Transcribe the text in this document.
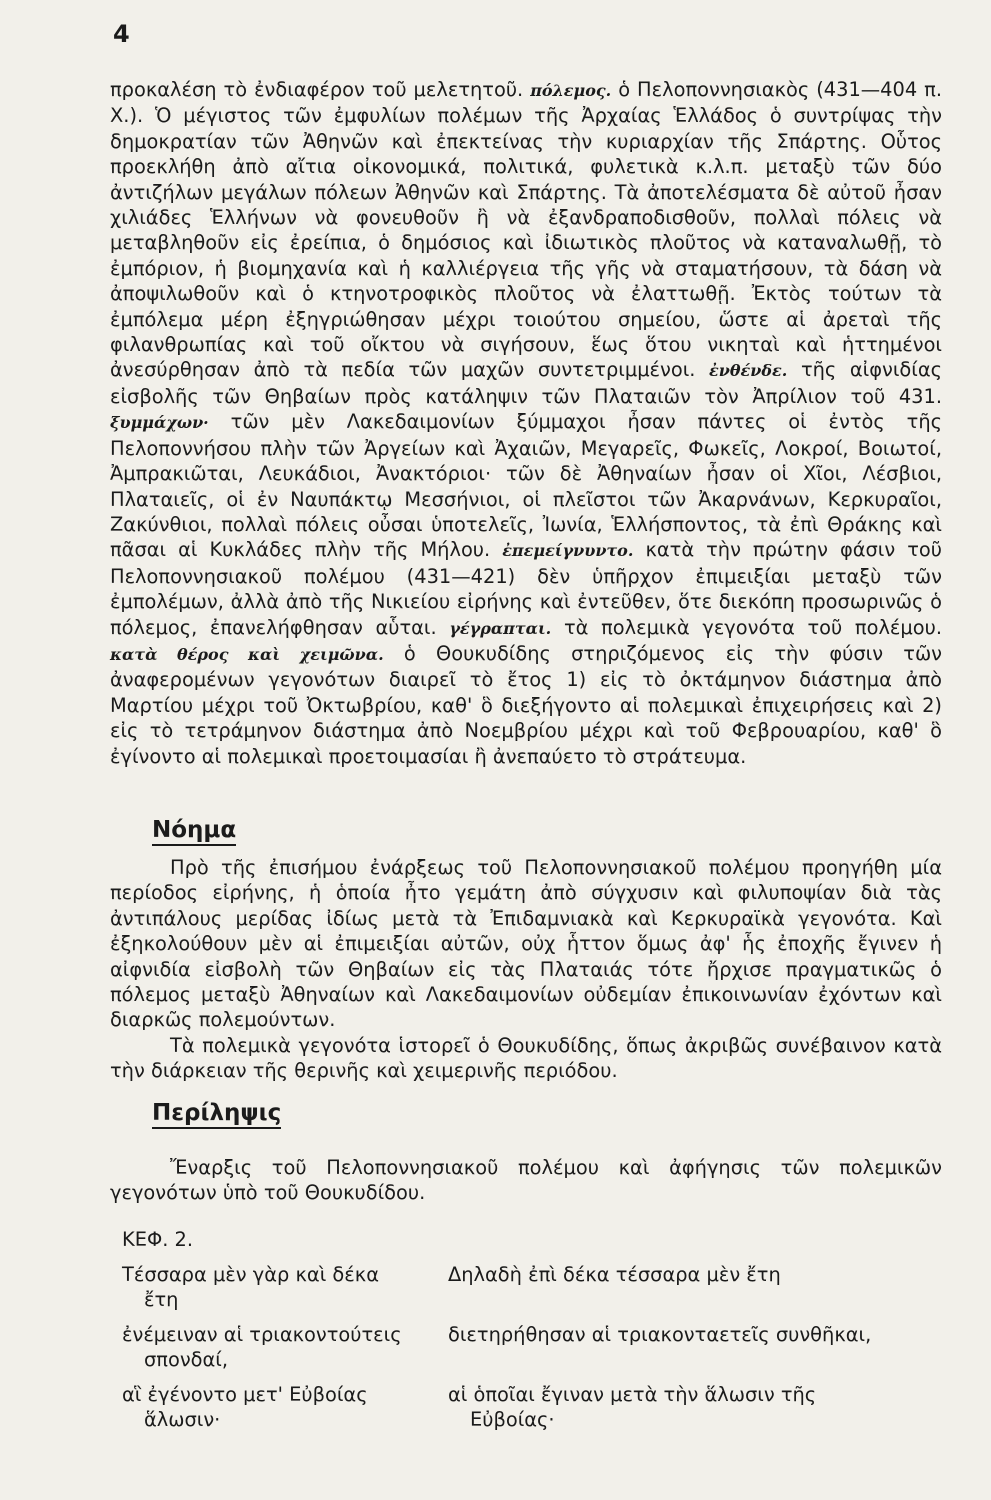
4

προκαλέση τὸ ἐνδιαφέρον τοῦ μελετητοῦ. πόλεμος. ὁ Πελοποννησιακὸς (431—404 π. Χ.). Ὁ μέγιστος τῶν ἐμφυλίων πολέμων τῆς Ἀρχαίας Ἑλλάδος ὁ συντρίψας τὴν δημοκρατίαν τῶν Ἀθηνῶν καὶ ἐπεκτείνας τὴν κυριαρχίαν τῆς Σπάρτης. Οὗτος προεκλήθη ἀπὸ αἴτια οἰκονομικά, πολιτικά, φυλετικὰ κ.λ.π. μεταξὺ τῶν δύο ἀντιζήλων μεγάλων πόλεων Ἀθηνῶν καὶ Σπάρτης. Τὰ ἀποτελέσματα δὲ αὐτοῦ ἦσαν χιλιάδες Ἑλλήνων νὰ φονευθοῦν ἢ νὰ ἐξανδραποδισθοῦν, πολλαὶ πόλεις νὰ μεταβληθοῦν εἰς ἐρείπια, ὁ δημόσιος καὶ ἰδιωτικὸς πλοῦτος νὰ καταναλωθῇ, τὸ ἐμπόριον, ἡ βιομηχανία καὶ ἡ καλλιέργεια τῆς γῆς νὰ σταματήσουν, τὰ δάση νὰ ἀποψιλωθοῦν καὶ ὁ κτηνοτροφικὸς πλοῦτος νὰ ἐλαττωθῇ. Ἐκτὸς τούτων τὰ ἐμπόλεμα μέρη ἐξηγριώθησαν μέχρι τοιούτου σημείου, ὥστε αἱ ἀρεταὶ τῆς φιλανθρωπίας καὶ τοῦ οἴκτου νὰ σιγήσουν, ἕως ὅτου νικηταὶ καὶ ἡττημένοι ἀνεσύρθησαν ἀπὸ τὰ πεδία τῶν μαχῶν συντετριμμένοι. ἐνθένδε. τῆς αἰφνιδίας εἰσβολῆς τῶν Θηβαίων πρὸς κατάληψιν τῶν Πλαταιῶν τὸν Ἀπρίλιον τοῦ 431. ξυμμάχων· τῶν μὲν Λακεδαιμονίων ξύμμαχοι ἦσαν πάντες οἱ ἐντὸς τῆς Πελοποννήσου πλὴν τῶν Ἀργείων καὶ Ἀχαιῶν, Μεγαρεῖς, Φωκεῖς, Λοκροί, Βοιωτοί, Ἀμπρακιῶται, Λευκάδιοι, Ἀνακτόριοι· τῶν δὲ Ἀθηναίων ἦσαν οἱ Χῖοι, Λέσβιοι, Πλαταιεῖς, οἱ ἐν Ναυπάκτῳ Μεσσήνιοι, οἱ πλεῖστοι τῶν Ἀκαρνάνων, Κερκυραῖοι, Ζακύνθιοι, πολλαὶ πόλεις οὖσαι ὑποτελεῖς, Ἰωνία, Ἑλλήσποντος, τὰ ἐπὶ Θράκης καὶ πᾶσαι αἱ Κυκλάδες πλὴν τῆς Μήλου. ἐπεμείγνυντο. κατὰ τὴν πρώτην φάσιν τοῦ Πελοποννησιακοῦ πολέμου (431—421) δὲν ὑπῆρχον ἐπιμειξίαι μεταξὺ τῶν ἐμπολέμων, ἀλλὰ ἀπὸ τῆς Νικιείου εἰρήνης καὶ ἐντεῦθεν, ὅτε διεκόπη προσωρινῶς ὁ πόλεμος, ἐπανελήφθησαν αὗται. γέγραπται. τὰ πολεμικὰ γεγονότα τοῦ πολέμου. κατὰ θέρος καὶ χειμῶνα. ὁ Θουκυδίδης στηριζόμενος εἰς τὴν φύσιν τῶν ἀναφερομένων γεγονότων διαιρεῖ τὸ ἔτος 1) εἰς τὸ ὀκτάμηνον διάστημα ἀπὸ Μαρτίου μέχρι τοῦ Ὀκτωβρίου, καθ' ὃ διεξήγοντο αἱ πολεμικαὶ ἐπιχειρήσεις καὶ 2) εἰς τὸ τετράμηνον διάστημα ἀπὸ Νοεμβρίου μέχρι καὶ τοῦ Φεβρουαρίου, καθ' ὃ ἐγίνοντο αἱ πολεμικαὶ προετοιμασίαι ἢ ἀνεπαύετο τὸ στράτευμα.

Νόημα

Πρὸ τῆς ἐπισήμου ἐνάρξεως τοῦ Πελοποννησιακοῦ πολέμου προηγήθη μία περίοδος εἰρήνης, ἡ ὁποία ἦτο γεμάτη ἀπὸ σύγχυσιν καὶ φιλυποψίαν διὰ τὰς ἀντιπάλους μερίδας ἰδίως μετὰ τὰ Ἐπιδαμνιακὰ καὶ Κερκυραϊκὰ γεγονότα. Καὶ ἐξηκολούθουν μὲν αἱ ἐπιμειξίαι αὐτῶν, οὐχ ἧττον ὅμως ἀφ' ἧς ἐποχῆς ἔγινεν ἡ αἰφνιδία εἰσβολὴ τῶν Θηβαίων εἰς τὰς Πλαταιάς τότε ἤρχισε πραγματικῶς ὁ πόλεμος μεταξὺ Ἀθηναίων καὶ Λακεδαιμονίων οὐδεμίαν ἐπικοινωνίαν ἐχόντων καὶ διαρκῶς πολεμούντων.

Τὰ πολεμικὰ γεγονότα ἱστορεῖ ὁ Θουκυδίδης, ὅπως ἀκριβῶς συνέβαινον κατὰ τὴν διάρκειαν τῆς θερινῆς καὶ χειμερινῆς περιόδου.

Περίληψις

Ἔναρξις τοῦ Πελοποννησιακοῦ πολέμου καὶ ἀφήγησις τῶν πολεμικῶν γεγονότων ὑπὸ τοῦ Θουκυδίδου.

ΚΕΦ. 2.
Τέσσαρα μὲν γὰρ καὶ δέκα
ἔτη
Δηλαδὴ ἐπὶ δέκα τέσσαρα μὲν ἔτη
ἐνέμειναν αἱ τριακοντούτεις
σπονδαί,
διετηρήθησαν αἱ τριακονταετεῖς συνθῆκαι,
αἳ ἐγένοντο μετ' Εὐβοίας
ἅλωσιν·
αἱ ὁποῖαι ἔγιναν μετὰ τὴν ἅλωσιν τῆς
Εὐβοίας·
